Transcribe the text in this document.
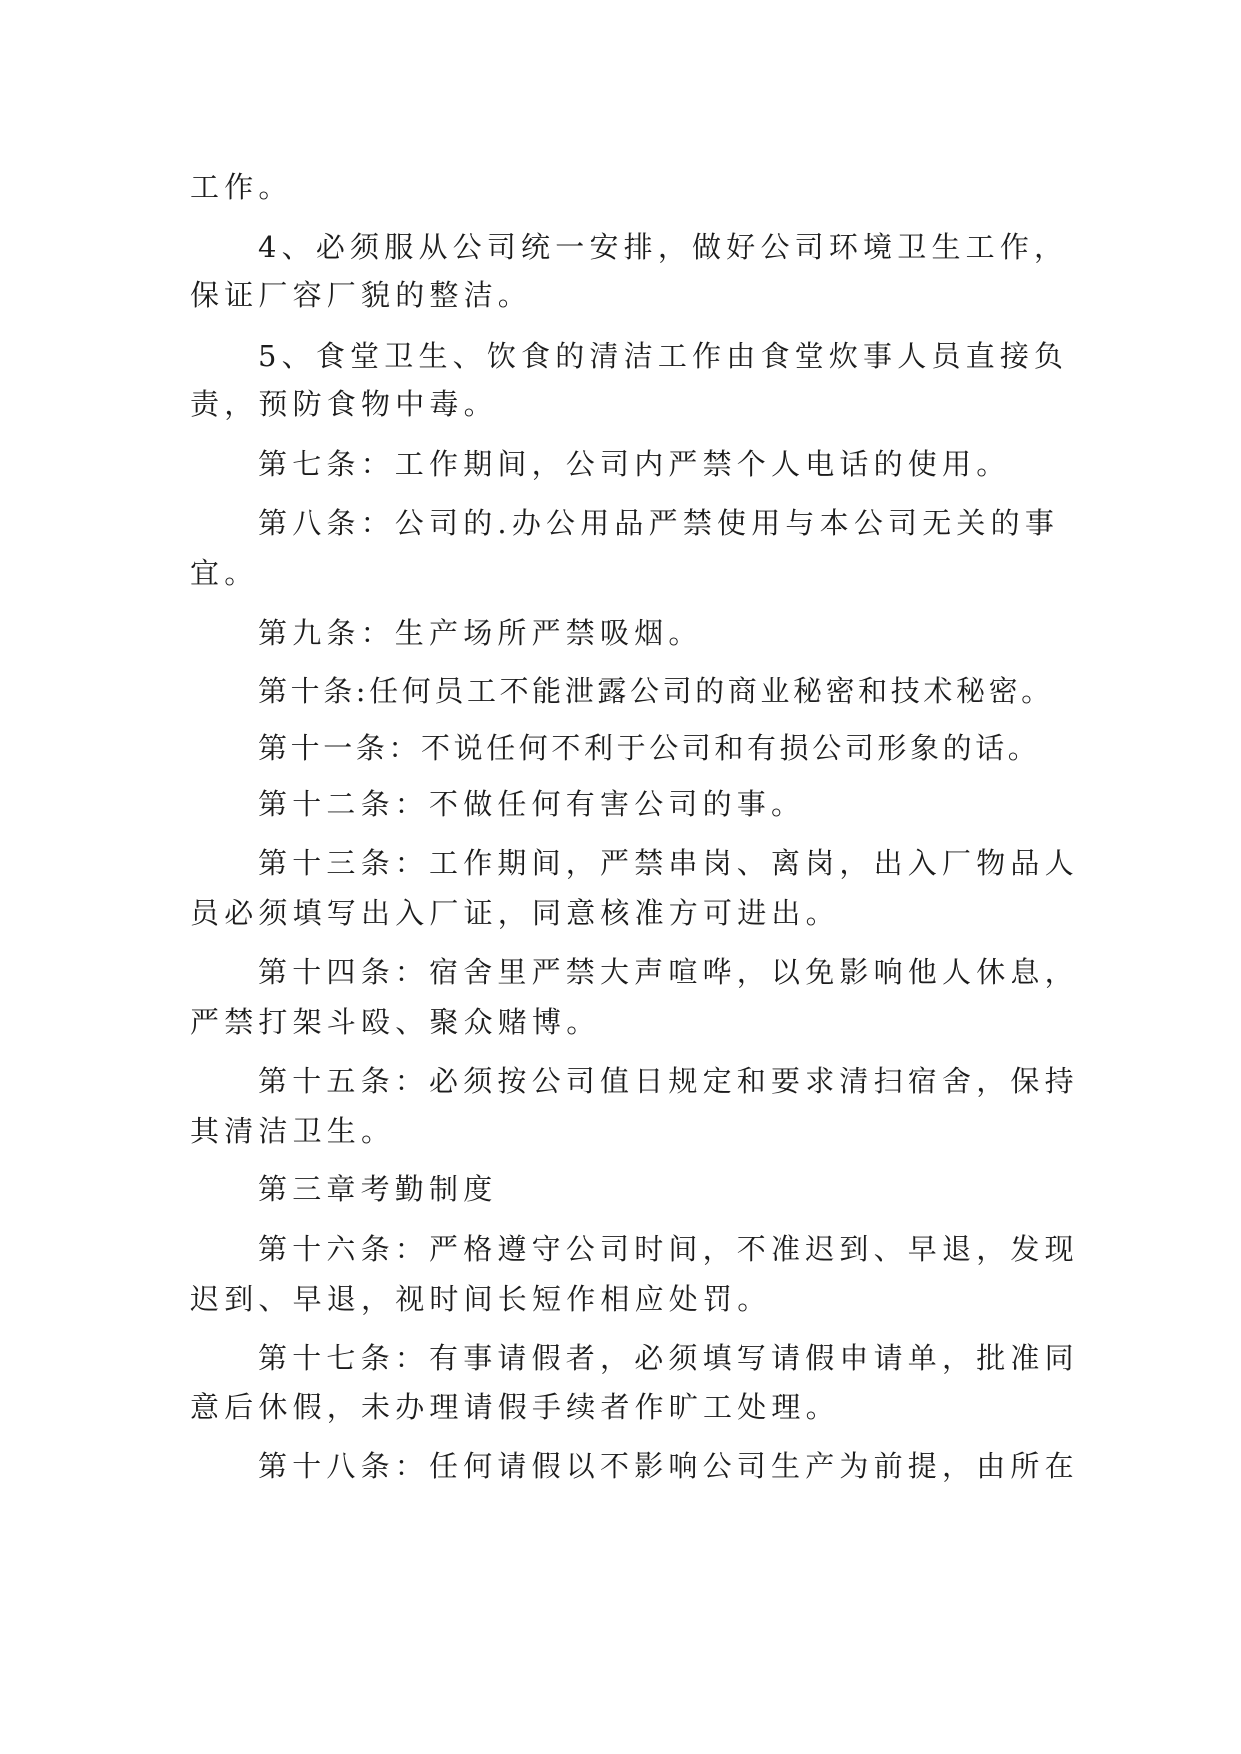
工作。
4、必须服从公司统一安排，做好公司环境卫生工作，
保证厂容厂貌的整洁。
5、食堂卫生、饮食的清洁工作由食堂炊事人员直接负
责，预防食物中毒。
第七条：工作期间，公司内严禁个人电话的使用。
第八条：公司的.办公用品严禁使用与本公司无关的事
宜。
第九条：生产场所严禁吸烟。
第十条:任何员工不能泄露公司的商业秘密和技术秘密。
第十一条：不说任何不利于公司和有损公司形象的话。
第十二条：不做任何有害公司的事。
第十三条：工作期间，严禁串岗、离岗，出入厂物品人
员必须填写出入厂证，同意核准方可进出。
第十四条：宿舍里严禁大声喧哗，以免影响他人休息，
严禁打架斗殴、聚众赌博。
第十五条：必须按公司值日规定和要求清扫宿舍，保持
其清洁卫生。
第三章考勤制度
第十六条：严格遵守公司时间，不准迟到、早退，发现
迟到、早退，视时间长短作相应处罚。
第十七条：有事请假者，必须填写请假申请单，批准同
意后休假，未办理请假手续者作旷工处理。
第十八条：任何请假以不影响公司生产为前提，由所在
